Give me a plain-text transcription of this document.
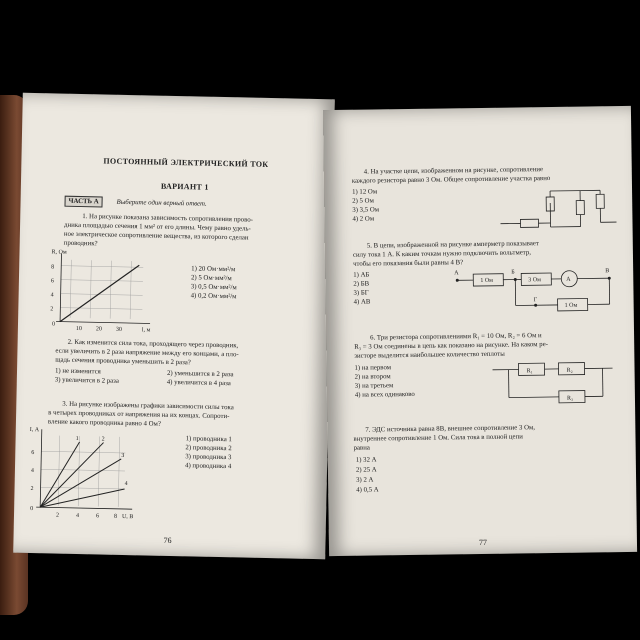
ПОСТОЯННЫЙ ЭЛЕКТРИЧЕСКИЙ ТОК
ВАРИАНТ 1
ЧАСТЬ А	Выберите один верный ответ.
1. На рисунке показана зависимость сопротивления прово-
дника площадью сечения 1 мм² от его длины. Чему равно удель-
ное электрическое сопротивление вещества, из которого сделан
проводник?
R, Ом
8
6
4
2
0
10 20 30	l, м
1) 20 Ом·мм²/м
2) 5 Ом·мм²/м
3) 0,5 Ом·мм²/м
4) 0,2 Ом·мм²/м
2. Как изменится сила тока, проходящего через проводник,
если увеличить в 2 раза напряжение между его концами, а пло-
щадь сечения проводника уменьшить в 2 раза?
1) не изменится	2) уменьшится в 2 раза
3) увеличится в 2 раза	4) увеличится в 4 раза
3. На рисунке изображены графики зависимости силы тока
в четырех проводниках от напряжения на их концах. Сопроти-
вление какого проводника равно 4 Ом?
1	2
3
4
I, А
6
4
2
0
2	4	6 8 U, В
1) проводника 1
2) проводника 2
3) проводника 3
4) проводника 4
76
4. На участке цепи, изображенном на рисунке, сопротивление
каждого резистора равно 3 Ом. Общее сопротивление участка равно
1) 12 Ом
2) 5 Ом
3) 3,5 Ом
4) 2 Ом
5. В цепи, изображенной на рисунке амперметр показывает
силу тока 1 А. К каким точкам нужно подключить вольтметр,
чтобы его показания были равны 4 В?
1) АБ
2) БВ
3) БГ
4) АВ
А	Б	В
Г
1 Ом	3 Ом	А
1 Ом
6. Три резистора сопротивлениями R₁ = 10 Ом, R₂ = 6 Ом и
R₃ = 3 Ом соединены в цепь как показано на рисунке. На каком ре-
зисторе выделится наибольшее количество теплоты
1) на первом
2) на втором
3) на третьем
4) на всех одинаково
R₁	R₂
R₃
7. ЭДС источника равна 8В, внешнее сопротивление 3 Ом,
внутреннее сопротивление 1 Ом. Сила тока в полной цепи
равна
1) 32 А
2) 25 А
3) 2 А
4) 0,5 А
77
